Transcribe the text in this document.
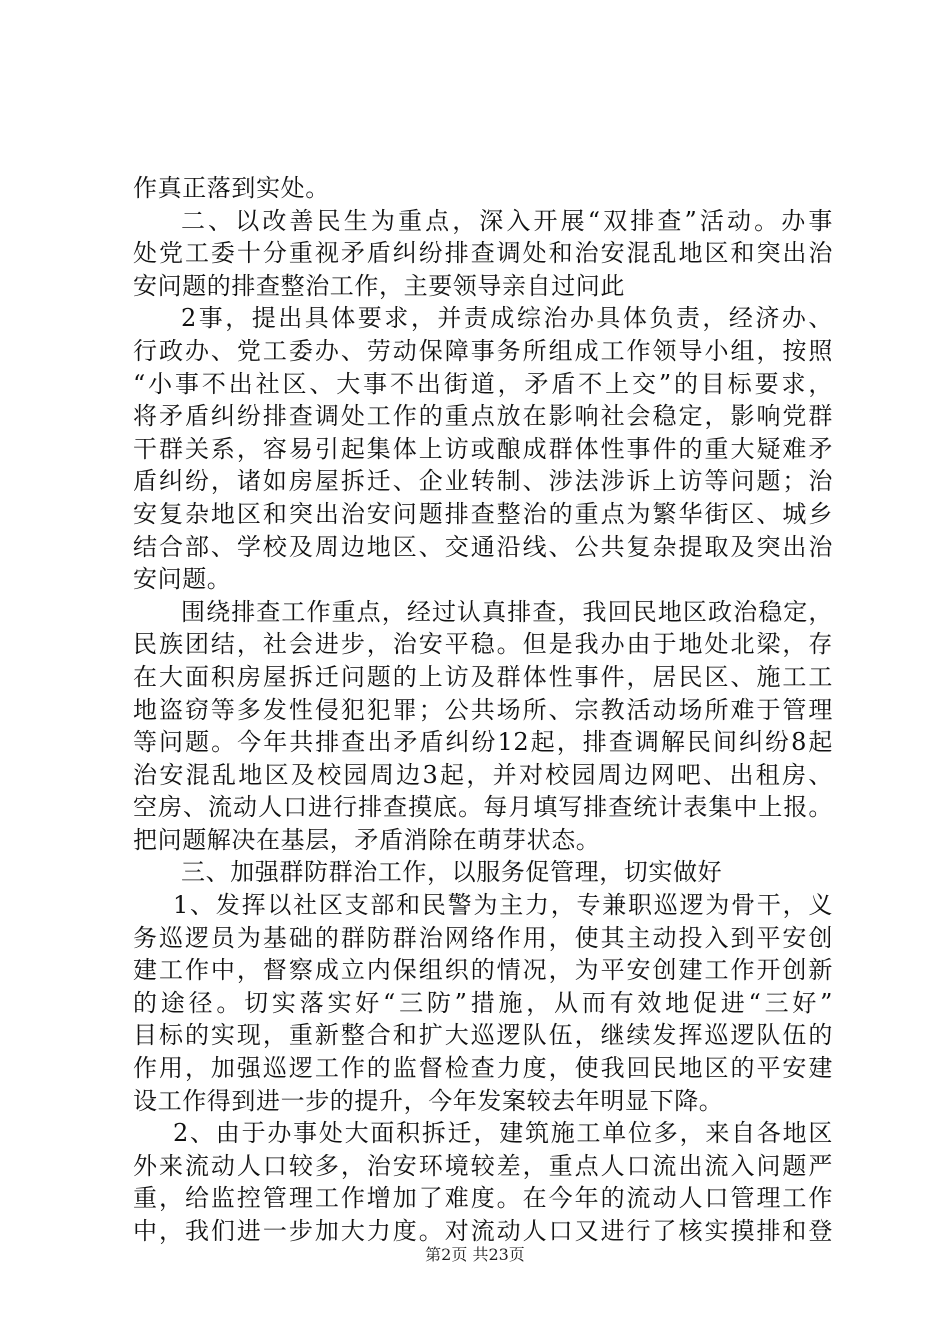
作真正落到实处。
二、以改善民生为重点，深入开展“双排查”活动。办事
处党工委十分重视矛盾纠纷排查调处和治安混乱地区和突出治
安问题的排查整治工作，主要领导亲自过问此
2事，提出具体要求，并责成综治办具体负责，经济办、
行政办、党工委办、劳动保障事务所组成工作领导小组，按照
“小事不出社区、大事不出街道，矛盾不上交”的目标要求，
将矛盾纠纷排查调处工作的重点放在影响社会稳定，影响党群
干群关系，容易引起集体上访或酿成群体性事件的重大疑难矛
盾纠纷，诸如房屋拆迁、企业转制、涉法涉诉上访等问题；治
安复杂地区和突出治安问题排查整治的重点为繁华街区、城乡
结合部、学校及周边地区、交通沿线、公共复杂提取及突出治
安问题。
围绕排查工作重点，经过认真排查，我回民地区政治稳定，
民族团结，社会进步，治安平稳。但是我办由于地处北梁，存
在大面积房屋拆迁问题的上访及群体性事件，居民区、施工工
地盗窃等多发性侵犯犯罪；公共场所、宗教活动场所难于管理
等问题。今年共排查出矛盾纠纷12起，排查调解民间纠纷8起
治安混乱地区及校园周边3起，并对校园周边网吧、出租房、
空房、流动人口进行排查摸底。每月填写排查统计表集中上报。
把问题解决在基层，矛盾消除在萌芽状态。
三、加强群防群治工作，以服务促管理，切实做好
1、发挥以社区支部和民警为主力，专兼职巡逻为骨干，义
务巡逻员为基础的群防群治网络作用，使其主动投入到平安创
建工作中，督察成立内保组织的情况，为平安创建工作开创新
的途径。切实落实好“三防”措施，从而有效地促进“三好”
目标的实现，重新整合和扩大巡逻队伍，继续发挥巡逻队伍的
作用，加强巡逻工作的监督检查力度，使我回民地区的平安建
设工作得到进一步的提升，今年发案较去年明显下降。
2、由于办事处大面积拆迁，建筑施工单位多，来自各地区
外来流动人口较多，治安环境较差，重点人口流出流入问题严
重，给监控管理工作增加了难度。在今年的流动人口管理工作
中，我们进一步加大力度。对流动人口又进行了核实摸排和登
第2页 共23页
